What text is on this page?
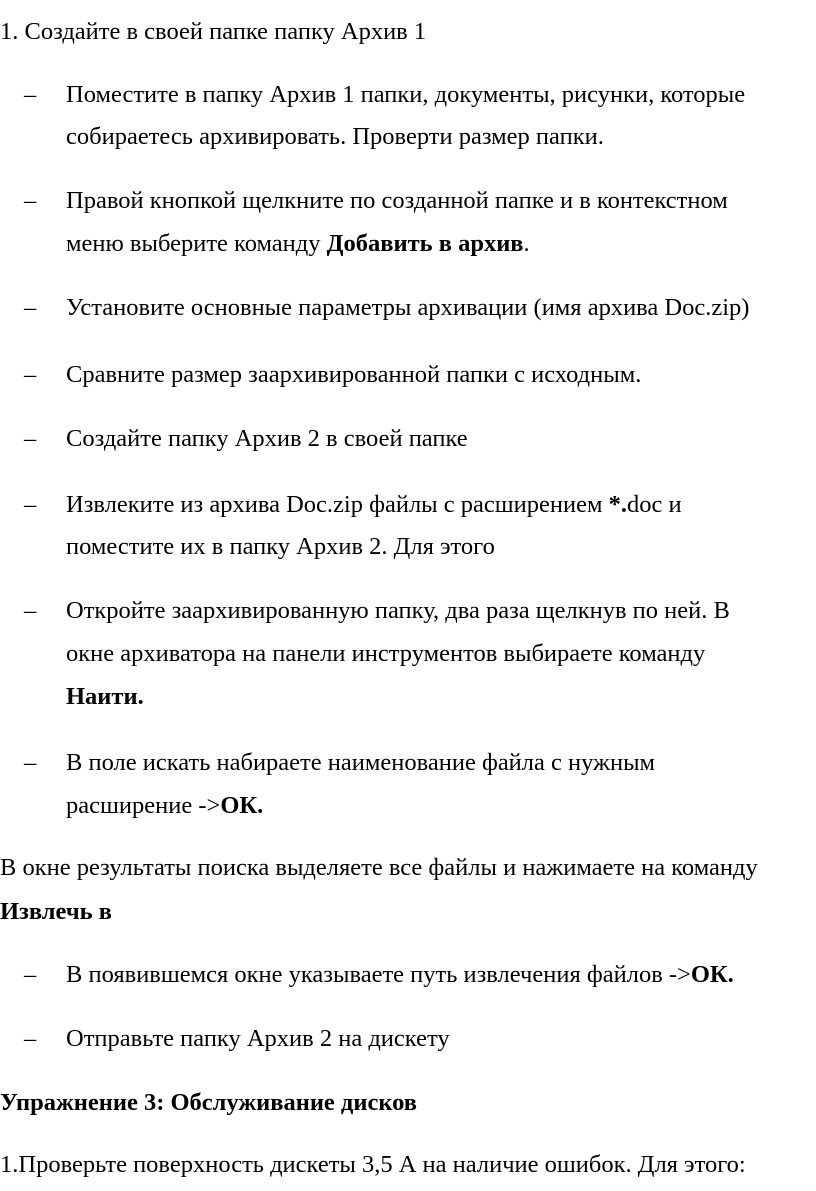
1. Создайте в своей папке папку Архив 1
– Поместите в папку Архив 1 папки, документы, рисунки, которые
собираетесь архивировать. Проверти размер папки.
– Правой кнопкой щелкните по созданной папке и в контекстном
меню выберите команду Добавить в архив.
– Установите основные параметры архивации (имя архива Doc.zip)
– Сравните размер заархивированной папки с исходным.
– Создайте папку Архив 2 в своей папке
– Извлеките из архива Doc.zip файлы с расширением *.doc и
поместите их в папку Архив 2. Для этого
– Откройте заархивированную папку, два раза щелкнув по ней. В
окне архиватора на панели инструментов выбираете команду
Наити.
– В поле искать набираете наименование файла с нужным
расширение ->ОК.
В окне результаты поиска выделяете все файлы и нажимаете на команду
Извлечь в
– В появившемся окне указываете путь извлечения файлов ->ОК.
– Отправьте папку Архив 2 на дискету
Упражнение 3: Обслуживание дисков
1.Проверьте поверхность дискеты 3,5 А на наличие ошибок. Для этого:
